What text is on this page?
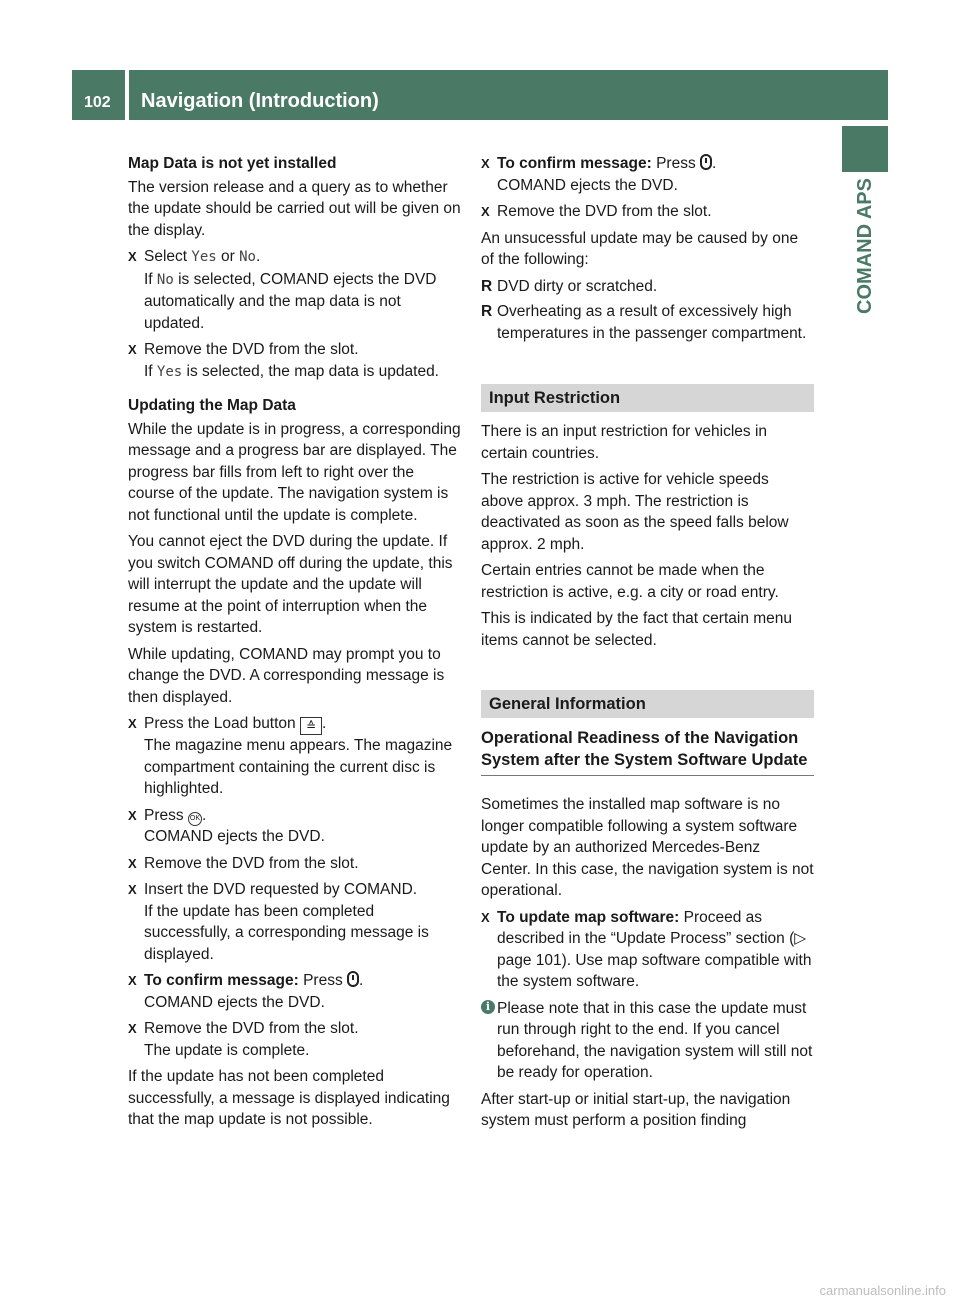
102 Navigation (Introduction)
COMAND APS

Map Data is not yet installed

The version release and a query as to whether the update should be carried out will be given on the display.

X Select Yes or No.
If No is selected, COMAND ejects the DVD automatically and the map data is not updated.
X Remove the DVD from the slot.
If Yes is selected, the map data is updated.

Updating the Map Data

While the update is in progress, a corresponding message and a progress bar are displayed. The progress bar fills from left to right over the course of the update. The navigation system is not functional until the update is complete.

You cannot eject the DVD during the update. If you switch COMAND off during the update, this will interrupt the update and the update will resume at the point of interruption when the system is restarted.

While updating, COMAND may prompt you to change the DVD. A corresponding message is then displayed.

X Press the Load button ≙ .
The magazine menu appears. The magazine compartment containing the current disc is highlighted.
X Press OK .
COMAND ejects the DVD.
X Remove the DVD from the slot.
X Insert the DVD requested by COMAND.
If the update has been completed successfully, a corresponding message is displayed.
X To confirm message: Press .
COMAND ejects the DVD.
X Remove the DVD from the slot.
The update is complete.

If the update has not been completed successfully, a message is displayed indicating that the map update is not possible.

X To confirm message: Press .
COMAND ejects the DVD.
X Remove the DVD from the slot.

An unsucessful update may be caused by one of the following:

R DVD dirty or scratched.
R Overheating as a result of excessively high temperatures in the passenger compartment.
Input Restriction

There is an input restriction for vehicles in certain countries.

The restriction is active for vehicle speeds above approx. 3 mph. The restriction is deactivated as soon as the speed falls below approx. 2 mph.

Certain entries cannot be made when the restriction is active, e.g. a city or road entry.

This is indicated by the fact that certain menu items cannot be selected.

General Information
Operational Readiness of the Navigation System after the System Software Update

Sometimes the installed map software is no longer compatible following a system software update by an authorized Mercedes-Benz Center. In this case, the navigation system is not operational.

X To update map software: Proceed as described in the “Update Process” section (▷ page 101). Use map software compatible with the system software.
i Please note that in this case the update must run through right to the end. If you cancel beforehand, the navigation system will still not be ready for operation.

After start-up or initial start-up, the navigation system must perform a position finding

carmanualsonline.info
